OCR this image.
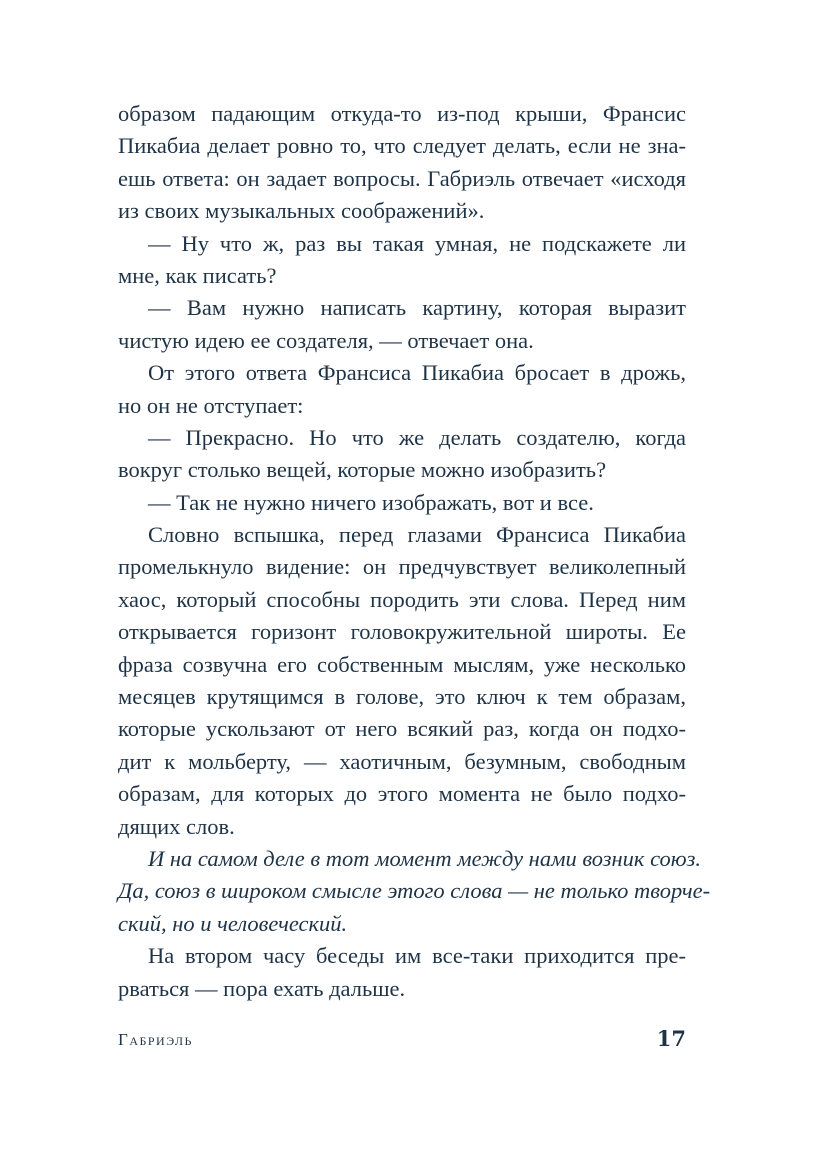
образом падающим откуда-то из-под крыши, Франсис
Пикабиа делает ровно то, что следует делать, если не зна-
ешь ответа: он задает вопросы. Габриэль отвечает «исходя
из своих музыкальных соображений».
— Ну что ж, раз вы такая умная, не подскажете ли
мне, как писать?
— Вам нужно написать картину, которая выразит
чистую идею ее создателя, — отвечает она.
От этого ответа Франсиса Пикабиа бросает в дрожь,
но он не отступает:
— Прекрасно. Но что же делать создателю, когда
вокруг столько вещей, которые можно изобразить?
— Так не нужно ничего изображать, вот и все.
Словно вспышка, перед глазами Франсиса Пикабиа
промелькнуло видение: он предчувствует великолепный
хаос, который способны породить эти слова. Перед ним
открывается горизонт головокружительной широты. Ее
фраза созвучна его собственным мыслям, уже несколько
месяцев крутящимся в голове, это ключ к тем образам,
которые ускользают от него всякий раз, когда он подхо-
дит к мольберту, — хаотичным, безумным, свободным
образам, для которых до этого момента не было подхо-
дящих слов.
И на самом деле в тот момент между нами возник союз.
Да, союз в широком смысле этого слова — не только творче-
ский, но и человеческий.
На втором часу беседы им все-таки приходится пре-
рваться — пора ехать дальше.
Габриэль	17
